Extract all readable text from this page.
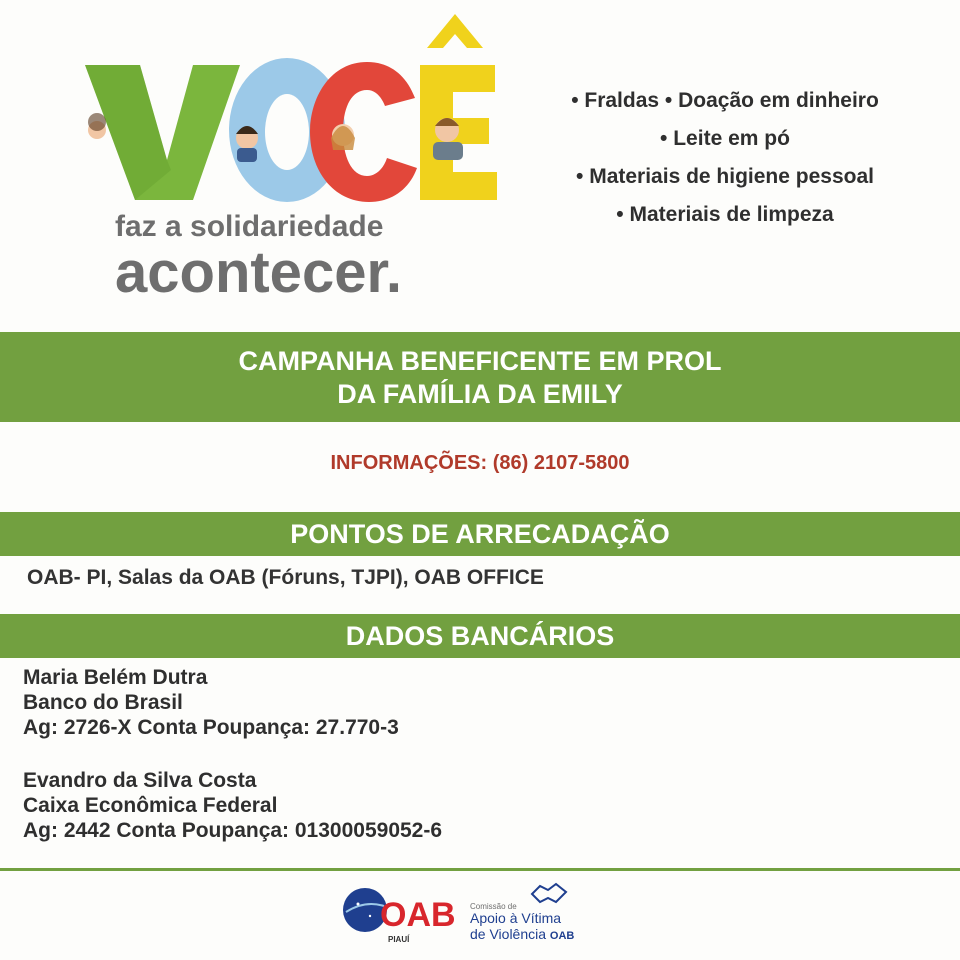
faz a solidariedade
acontecer.
• Fraldas • Doação em dinheiro
• Leite em pó
• Materiais de higiene pessoal
• Materiais de limpeza
CAMPANHA BENEFICENTE EM PROL
DA FAMÍLIA DA EMILY
INFORMAÇÕES: (86) 2107-5800
PONTOS DE ARRECADAÇÃO
OAB- PI, Salas da OAB (Fóruns, TJPI), OAB OFFICE
DADOS BANCÁRIOS
Maria Belém Dutra
Banco do Brasil
Ag: 2726-X Conta Poupança: 27.770-3
Evandro da Silva Costa
Caixa Econômica Federal
Ag: 2442 Conta Poupança: 01300059052-6
OAB
PIAUÍ
Comissão de
Apoio à Vítima
de Violência OAB
